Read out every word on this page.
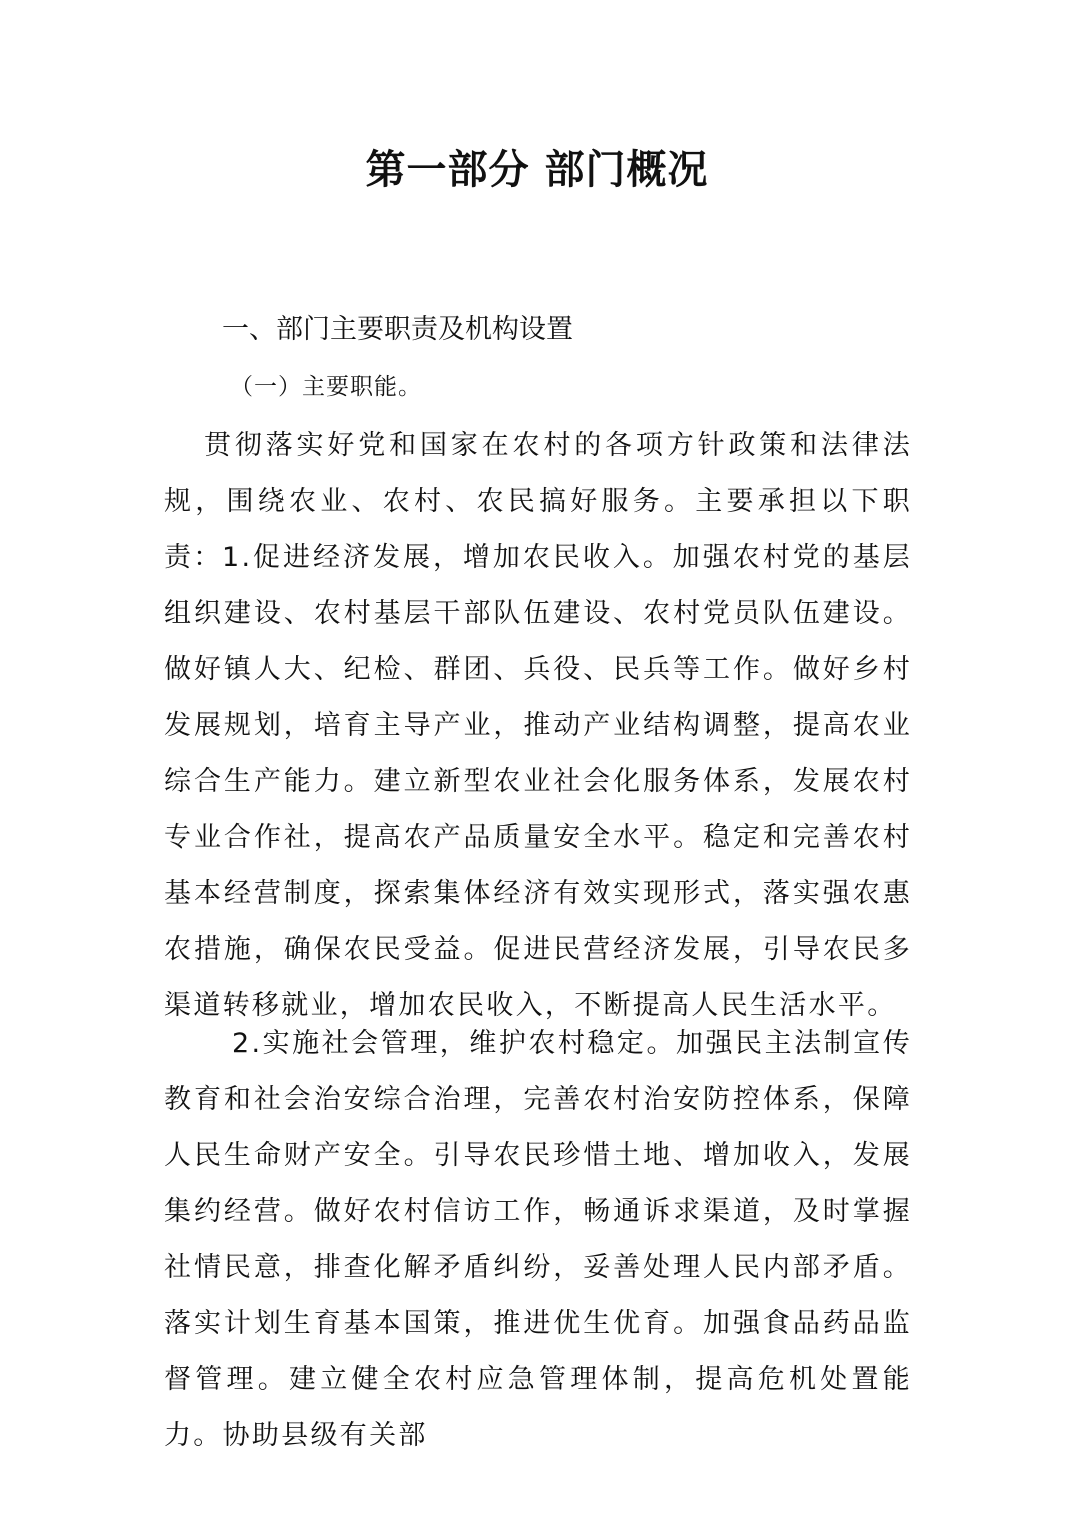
第一部分 部门概况
一、部门主要职责及机构设置

（一）主要职能。

贯彻落实好党和国家在农村的各项方针政策和法律法规，围绕农业、农村、农民搞好服务。主要承担以下职责： 1.促进经济发展，增加农民收入。加强农村党的基层组织建设、农村基层干部队伍建设、农村党员队伍建设。做好镇人大、纪检、群团、兵役、民兵等工作。做好乡村发展规划，培育主导产业，推动产业结构调整，提高农业综合生产能力。建立新型农业社会化服务体系，发展农村专业合作社，提高农产品质量安全水平。稳定和完善农村基本经营制度，探索集体经济有效实现形式，落实强农惠农措施，确保农民受益。促进民营经济发展，引导农民多渠道转移就业，增加农民收入，不断提高人民生活水平。

2.实施社会管理，维护农村稳定。加强民主法制宣传教育和社会治安综合治理，完善农村治安防控体系，保障人民生命财产安全。引导农民珍惜土地、增加收入，发展集约经营。做好农村信访工作，畅通诉求渠道，及时掌握社情民意，排查化解矛盾纠纷，妥善处理人民内部矛盾。落实计划生育基本国策，推进优生优育。加强食品药品监督管理。建立健全农村应急管理体制，提高危机处置能力。协助县级有关部
